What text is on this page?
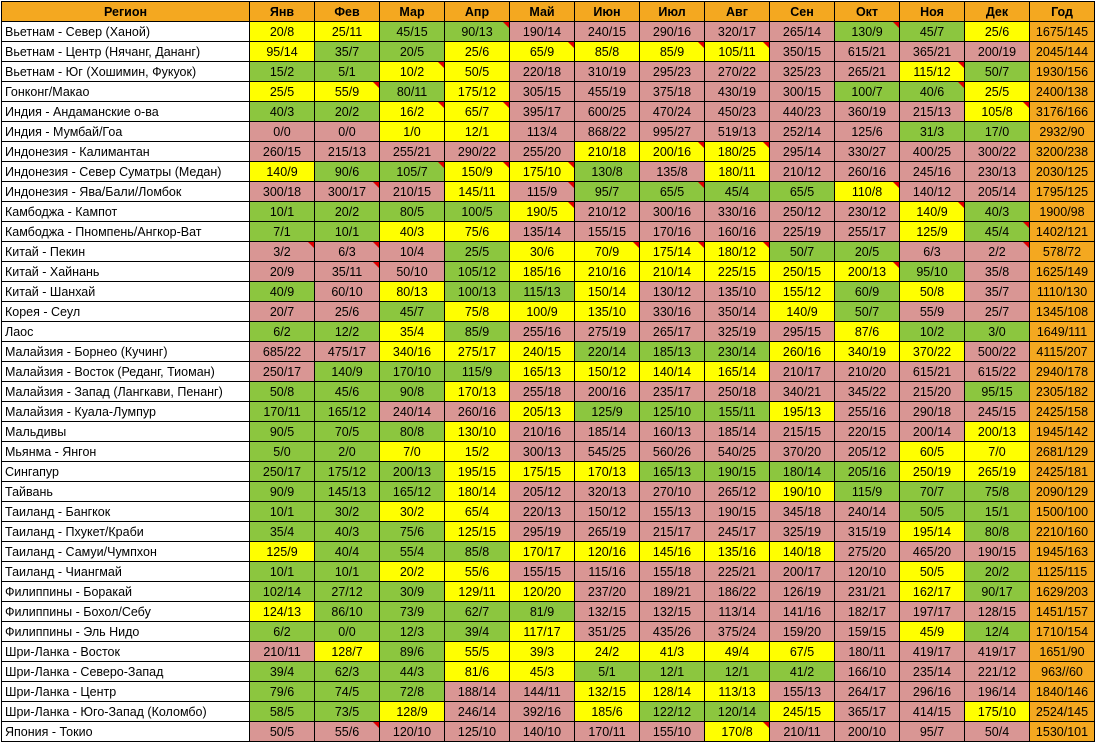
Регион	Янв	Фев	Мар	Апр	Май	Июн	Июл	Авг	Сен	Окт	Ноя	Дек	Год
Вьетнам - Север (Ханой)	20/8	25/11	45/15	90/13	190/14	240/15	290/16	320/17	265/14	130/9	45/7	25/6	1675/145
Вьетнам - Центр (Нячанг, Дананг)	95/14	35/7	20/5	25/6	65/9	85/8	85/9	105/11	350/15	615/21	365/21	200/19	2045/144
Вьетнам - Юг (Хошимин, Фукуок)	15/2	5/1	10/2	50/5	220/18	310/19	295/23	270/22	325/23	265/21	115/12	50/7	1930/156
Гонконг/Макао	25/5	55/9	80/11	175/12	305/15	455/19	375/18	430/19	300/15	100/7	40/6	25/5	2400/138
Индия - Андаманские о-ва	40/3	20/2	16/2	65/7	395/17	600/25	470/24	450/23	440/23	360/19	215/13	105/8	3176/166
Индия - Мумбай/Гоа	0/0	0/0	1/0	12/1	113/4	868/22	995/27	519/13	252/14	125/6	31/3	17/0	2932/90
Индонезия - Калимантан	260/15	215/13	255/21	290/22	255/20	210/18	200/16	180/25	295/14	330/27	400/25	300/22	3200/238
Индонезия - Север Суматры (Медан)	140/9	90/6	105/7	150/9	175/10	130/8	135/8	180/11	210/12	260/16	245/16	230/13	2030/125
Индонезия - Ява/Бали/Ломбок	300/18	300/17	210/15	145/11	115/9	95/7	65/5	45/4	65/5	110/8	140/12	205/14	1795/125
Камбоджа - Кампот	10/1	20/2	80/5	100/5	190/5	210/12	300/16	330/16	250/12	230/12	140/9	40/3	1900/98
Камбоджа - Пномпень/Ангкор-Ват	7/1	10/1	40/3	75/6	135/14	155/15	170/16	160/16	225/19	255/17	125/9	45/4	1402/121
Китай - Пекин	3/2	6/3	10/4	25/5	30/6	70/9	175/14	180/12	50/7	20/5	6/3	2/2	578/72
Китай - Хайнань	20/9	35/11	50/10	105/12	185/16	210/16	210/14	225/15	250/15	200/13	95/10	35/8	1625/149
Китай - Шанхай	40/9	60/10	80/13	100/13	115/13	150/14	130/12	135/10	155/12	60/9	50/8	35/7	1110/130
Корея - Сеул	20/7	25/6	45/7	75/8	100/9	135/10	330/16	350/14	140/9	50/7	55/9	25/7	1345/108
Лаос	6/2	12/2	35/4	85/9	255/16	275/19	265/17	325/19	295/15	87/6	10/2	3/0	1649/111
Малайзия - Борнео (Кучинг)	685/22	475/17	340/16	275/17	240/15	220/14	185/13	230/14	260/16	340/19	370/22	500/22	4115/207
Малайзия - Восток (Реданг, Тиоман)	250/17	140/9	170/10	115/9	165/13	150/12	140/14	165/14	210/17	210/20	615/21	615/22	2940/178
Малайзия - Запад (Лангкави, Пенанг)	50/8	45/6	90/8	170/13	255/18	200/16	235/17	250/18	340/21	345/22	215/20	95/15	2305/182
Малайзия - Куала-Лумпур	170/11	165/12	240/14	260/16	205/13	125/9	125/10	155/11	195/13	255/16	290/18	245/15	2425/158
Мальдивы	90/5	70/5	80/8	130/10	210/16	185/14	160/13	185/14	215/15	220/15	200/14	200/13	1945/142
Мьянма - Янгон	5/0	2/0	7/0	15/2	300/13	545/25	560/26	540/25	370/20	205/12	60/5	7/0	2681/129
Сингапур	250/17	175/12	200/13	195/15	175/15	170/13	165/13	190/15	180/14	205/16	250/19	265/19	2425/181
Тайвань	90/9	145/13	165/12	180/14	205/12	320/13	270/10	265/12	190/10	115/9	70/7	75/8	2090/129
Таиланд - Бангкок	10/1	30/2	30/2	65/4	220/13	150/12	155/13	190/15	345/18	240/14	50/5	15/1	1500/100
Таиланд - Пхукет/Краби	35/4	40/3	75/6	125/15	295/19	265/19	215/17	245/17	325/19	315/19	195/14	80/8	2210/160
Таиланд - Самуи/Чумпхон	125/9	40/4	55/4	85/8	170/17	120/16	145/16	135/16	140/18	275/20	465/20	190/15	1945/163
Таиланд - Чиангмай	10/1	10/1	20/2	55/6	155/15	115/16	155/18	225/21	200/17	120/10	50/5	20/2	1125/115
Филиппины - Боракай	102/14	27/12	30/9	129/11	120/20	237/20	189/21	186/22	126/19	231/21	162/17	90/17	1629/203
Филиппины - Бохол/Себу	124/13	86/10	73/9	62/7	81/9	132/15	132/15	113/14	141/16	182/17	197/17	128/15	1451/157
Филиппины - Эль Нидо	6/2	0/0	12/3	39/4	117/17	351/25	435/26	375/24	159/20	159/15	45/9	12/4	1710/154
Шри-Ланка - Восток	210/11	128/7	89/6	55/5	39/3	24/2	41/3	49/4	67/5	180/11	419/17	419/17	1651/90
Шри-Ланка - Северо-Запад	39/4	62/3	44/3	81/6	45/3	5/1	12/1	12/1	41/2	166/10	235/14	221/12	963//60
Шри-Ланка - Центр	79/6	74/5	72/8	188/14	144/11	132/15	128/14	113/13	155/13	264/17	296/16	196/14	1840/146
Шри-Ланка - Юго-Запад (Коломбо)	58/5	73/5	128/9	246/14	392/16	185/6	122/12	120/14	245/15	365/17	414/15	175/10	2524/145
Япония - Токио	50/5	55/6	120/10	125/10	140/10	170/11	155/10	170/8	210/11	200/10	95/7	50/4	1530/101
